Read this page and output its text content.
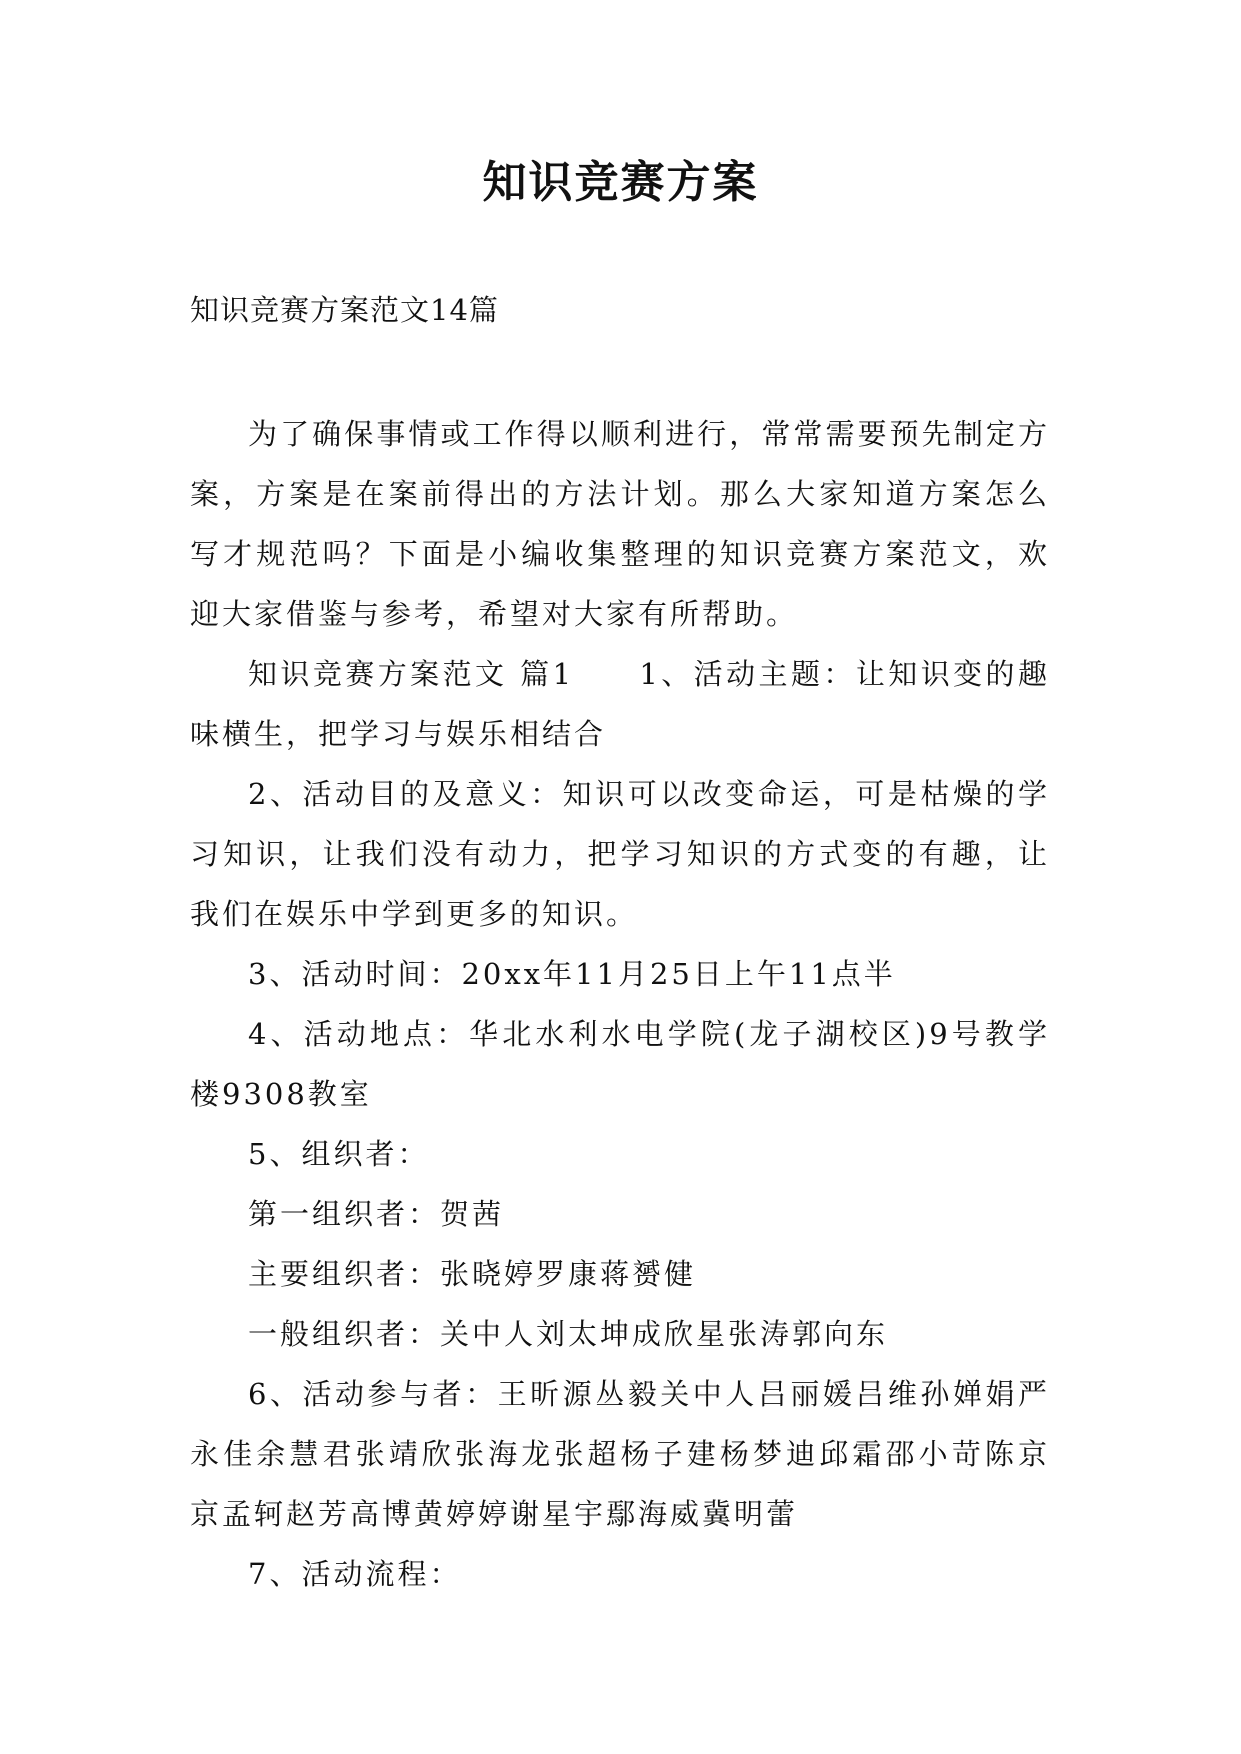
知识竞赛方案

知识竞赛方案范文14篇

为了确保事情或工作得以顺利进行，常常需要预先制定方案，方案是在案前得出的方法计划。那么大家知道方案怎么写才规范吗？下面是小编收集整理的知识竞赛方案范文，欢迎大家借鉴与参考，希望对大家有所帮助。

知识竞赛方案范文 篇1　　1、活动主题：让知识变的趣味横生，把学习与娱乐相结合

2、活动目的及意义：知识可以改变命运，可是枯燥的学习知识，让我们没有动力，把学习知识的方式变的有趣，让我们在娱乐中学到更多的知识。

3、活动时间：20xx年11月25日上午11点半

4、活动地点：华北水利水电学院(龙子湖校区)9号教学楼9308教室

5、组织者：

第一组织者：贺茜

主要组织者：张晓婷罗康蒋赟健

一般组织者：关中人刘太坤成欣星张涛郭向东

6、活动参与者：王昕源丛毅关中人吕丽媛吕维孙婵娟严永佳余慧君张靖欣张海龙张超杨子建杨梦迪邱霜邵小苛陈京京孟轲赵芳高博黄婷婷谢星宇鄢海威冀明蕾

7、活动流程：
